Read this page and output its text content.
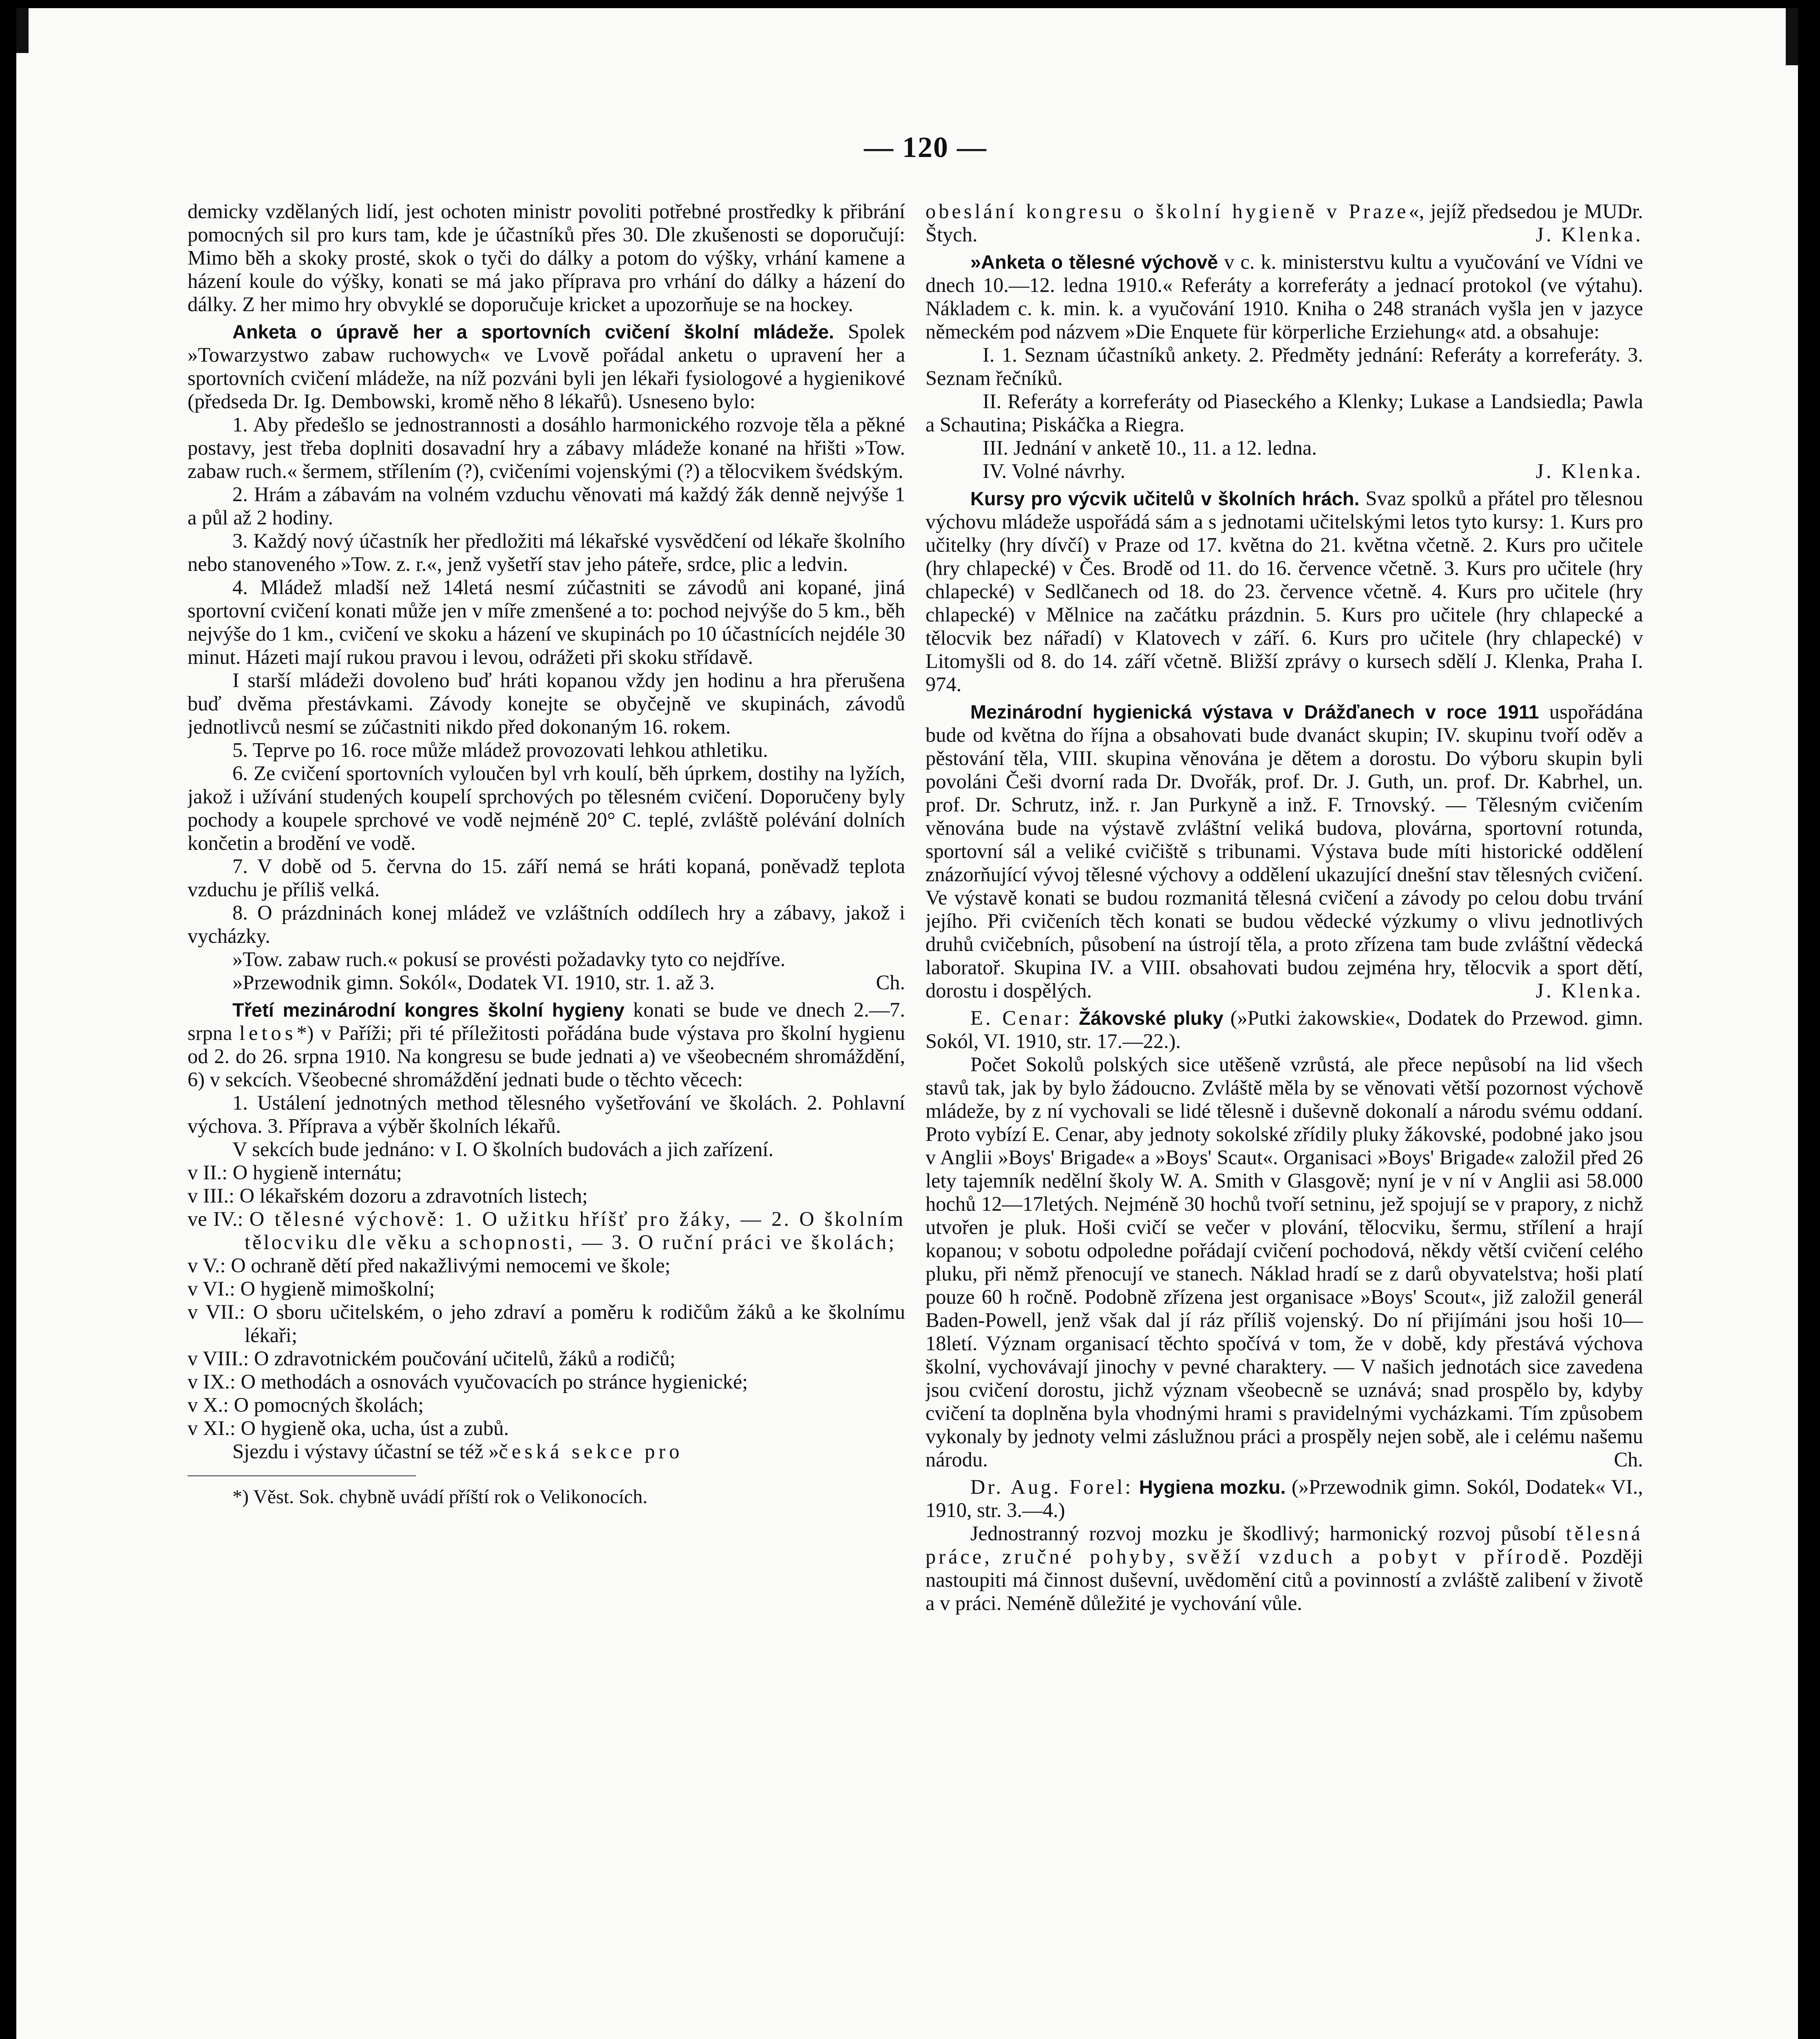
— 120 —

demicky vzdělaných lidí, jest ochoten ministr povoliti potřebné prostředky k přibrání pomocných sil pro kurs tam, kde je účastníků přes 30. Dle zkušenosti se doporučují: Mimo běh a skoky prosté, skok o tyči do dálky a potom do výšky, vrhání kamene a házení koule do výšky, konati se má jako příprava pro vrhání do dálky a házení do dálky. Z her mimo hry obvyklé se doporučuje kricket a upozorňuje se na hockey.

Anketa o úpravě her a sportovních cvičení školní mládeže. Spolek »Towarzystwo zabaw ruchowych« ve Lvově pořádal anketu o upravení her a sportovních cvičení mládeže, na níž pozváni byli jen lékaři fysiologové a hygienikové (předseda Dr. Ig. Dembowski, kromě něho 8 lékařů). Usneseno bylo:

1. Aby předešlo se jednostrannosti a dosáhlo harmonického rozvoje těla a pěkné postavy, jest třeba doplniti dosavadní hry a zábavy mládeže konané na hřišti »Tow. zabaw ruch.« šermem, střílením (?), cvičeními vojenskými (?) a tělocvikem švédským.

2. Hrám a zábavám na volném vzduchu věnovati má každý žák denně nejvýše 1 a půl až 2 hodiny.

3. Každý nový účastník her předložiti má lékařské vysvědčení od lékaře školního nebo stanoveného »Tow. z. r.«, jenž vyšetří stav jeho páteře, srdce, plic a ledvin.

4. Mládež mladší než 14letá nesmí zúčastniti se závodů ani kopané, jiná sportovní cvičení konati může jen v míře zmenšené a to: pochod nejvýše do 5 km., běh nejvýše do 1 km., cvičení ve skoku a házení ve skupinách po 10 účastnících nejdéle 30 minut. Házeti mají rukou pravou i levou, odrážeti při skoku střídavě.

I starší mládeži dovoleno buď hráti kopanou vždy jen hodinu a hra přerušena buď dvěma přestávkami. Závody konejte se obyčejně ve skupinách, závodů jednotlivců nesmí se zúčastniti nikdo před dokonaným 16. rokem.

5. Teprve po 16. roce může mládež provozovati lehkou athletiku.

6. Ze cvičení sportovních vyloučen byl vrh koulí, běh úprkem, dostihy na lyžích, jakož i užívání studených koupelí sprchových po tělesném cvičení. Doporučeny byly pochody a koupele sprchové ve vodě nejméně 20° C. teplé, zvláště polévání dolních končetin a brodění ve vodě.

7. V době od 5. června do 15. září nemá se hráti kopaná, poněvadž teplota vzduchu je příliš velká.

8. O prázdninách konej mládež ve vzláštních oddílech hry a zábavy, jakož i vycházky.

»Tow. zabaw ruch.« pokusí se provésti požadavky tyto co nejdříve.

»Przewodnik gimn. Sokól«, Dodatek VI. 1910, str. 1. až 3.	Ch.

Třetí mezinárodní kongres školní hygieny konati se bude ve dnech 2.—7. srpna letos*) v Paříži; při té příležitosti pořádána bude výstava pro školní hygienu od 2. do 26. srpna 1910. Na kongresu se bude jednati a) ve všeobecném shromáždění, 6) v sekcích. Všeobecné shromáždění jednati bude o těchto věcech:

1. Ustálení jednotných method tělesného vyšetřování ve školách. 2. Pohlavní výchova. 3. Příprava a výběr školních lékařů.

V sekcích bude jednáno: v I. O školních budovách a jich zařízení.

v II.: O hygieně internátu;

v III.: O lékařském dozoru a zdravotních listech;

ve IV.: O tělesné výchově: 1. O užitku hříšť pro žáky, — 2. O školním tělocviku dle věku a schopnosti, — 3. O ruční práci ve školách;

v V.: O ochraně dětí před nakažlivými nemocemi ve škole;

v VI.: O hygieně mimoškolní;

v VII.: O sboru učitelském, o jeho zdraví a poměru k rodičům žáků a ke školnímu lékaři;

v VIII.: O zdravotnickém poučování učitelů, žáků a rodičů;

v IX.: O methodách a osnovách vyučovacích po stránce hygienické;

v X.: O pomocných školách;

v XI.: O hygieně oka, ucha, úst a zubů.

Sjezdu i výstavy účastní se též »česká sekce pro

*) Věst. Sok. chybně uvádí příští rok o Velikonocích.

obeslání kongresu o školní hygieně v Praze«, jejíž předsedou je MUDr. Štych.	J. Klenka.

»Anketa o tělesné výchově v c. k. ministerstvu kultu a vyučování ve Vídni ve dnech 10.—12. ledna 1910.« Referáty a korreferáty a jednací protokol (ve výtahu). Nákladem c. k. min. k. a vyučování 1910. Kniha o 248 stranách vyšla jen v jazyce německém pod názvem »Die Enquete für körperliche Erziehung« atd. a obsahuje:

I. 1. Seznam účastníků ankety. 2. Předměty jednání: Referáty a korreferáty. 3. Seznam řečníků.

II. Referáty a korreferáty od Piaseckého a Klenky; Lukase a Landsiedla; Pawla a Schautina; Piskáčka a Riegra.

III. Jednání v anketě 10., 11. a 12. ledna.

IV. Volné návrhy.	J. Klenka.

Kursy pro výcvik učitelů v školních hrách. Svaz spolků a přátel pro tělesnou výchovu mládeže uspořádá sám a s jednotami učitelskými letos tyto kursy: 1. Kurs pro učitelky (hry dívčí) v Praze od 17. května do 21. května včetně. 2. Kurs pro učitele (hry chlapecké) v Čes. Brodě od 11. do 16. července včetně. 3. Kurs pro učitele (hry chlapecké) v Sedlčanech od 18. do 23. července včetně. 4. Kurs pro učitele (hry chlapecké) v Mělnice na začátku prázdnin. 5. Kurs pro učitele (hry chlapecké a tělocvik bez nářadí) v Klatovech v září. 6. Kurs pro učitele (hry chlapecké) v Litomyšli od 8. do 14. září včetně. Bližší zprávy o kursech sdělí J. Klenka, Praha I. 974.

Mezinárodní hygienická výstava v Drážďanech v roce 1911 uspořádána bude od května do října a obsahovati bude dvanáct skupin; IV. skupinu tvoří oděv a pěstování těla, VIII. skupina věnována je dětem a dorostu. Do výboru skupin byli povoláni Češi dvorní rada Dr. Dvořák, prof. Dr. J. Guth, un. prof. Dr. Kabrhel, un. prof. Dr. Schrutz, inž. r. Jan Purkyně a inž. F. Trnovský. — Tělesným cvičením věnována bude na výstavě zvláštní veliká budova, plovárna, sportovní rotunda, sportovní sál a veliké cvičiště s tribunami. Výstava bude míti historické oddělení znázorňující vývoj tělesné výchovy a oddělení ukazující dnešní stav tělesných cvičení. Ve výstavě konati se budou rozmanitá tělesná cvičení a závody po celou dobu trvání jejího. Při cvičeních těch konati se budou vědecké výzkumy o vlivu jednotlivých druhů cvičebních, působení na ústrojí těla, a proto zřízena tam bude zvláštní vědecká laboratoř. Skupina IV. a VIII. obsahovati budou zejména hry, tělocvik a sport dětí, dorostu i dospělých.	J. Klenka.

E. Cenar: Žákovské pluky (»Putki żakowskie«, Dodatek do Przewod. gimn. Sokól, VI. 1910, str. 17.—22.).

Počet Sokolů polských sice utěšeně vzrůstá, ale přece nepůsobí na lid všech stavů tak, jak by bylo žádoucno. Zvláště měla by se věnovati větší pozornost výchově mládeže, by z ní vychovali se lidé tělesně i duševně dokonalí a národu svému oddaní. Proto vybízí E. Cenar, aby jednoty sokolské zřídily pluky žákovské, podobné jako jsou v Anglii »Boys' Brigade« a »Boys' Scaut«. Organisaci »Boys' Brigade« založil před 26 lety tajemník nedělní školy W. A. Smith v Glasgově; nyní je v ní v Anglii asi 58.000 hochů 12—17letých. Nejméně 30 hochů tvoří setninu, jež spojují se v prapory, z nichž utvořen je pluk. Hoši cvičí se večer v plování, tělocviku, šermu, střílení a hrají kopanou; v sobotu odpoledne pořádají cvičení pochodová, někdy větší cvičení celého pluku, při němž přenocují ve stanech. Náklad hradí se z darů obyvatelstva; hoši platí pouze 60 h ročně. Podobně zřízena jest organisace »Boys' Scout«, již založil generál Baden-Powell, jenž však dal jí ráz příliš vojenský. Do ní přijímáni jsou hoši 10—18letí. Význam organisací těchto spočívá v tom, že v době, kdy přestává výchova školní, vychovávají jinochy v pevné charaktery. — V našich jednotách sice zavedena jsou cvičení dorostu, jichž význam všeobecně se uznává; snad prospělo by, kdyby cvičení ta doplněna byla vhodnými hrami s pravidelnými vycházkami. Tím způsobem vykonaly by jednoty velmi záslužnou práci a prospěly nejen sobě, ale i celému našemu národu.	Ch.

Dr. Aug. Forel: Hygiena mozku. (»Przewodnik gimn. Sokól, Dodatek« VI., 1910, str. 3.—4.)

Jednostranný rozvoj mozku je škodlivý; harmonický rozvoj působí tělesná práce, zručné pohyby, svěží vzduch a pobyt v přírodě. Později nastoupiti má činnost duševní, uvědomění citů a povinností a zvláště zalibení v životě a v práci. Neméně důležité je vychování vůle.
